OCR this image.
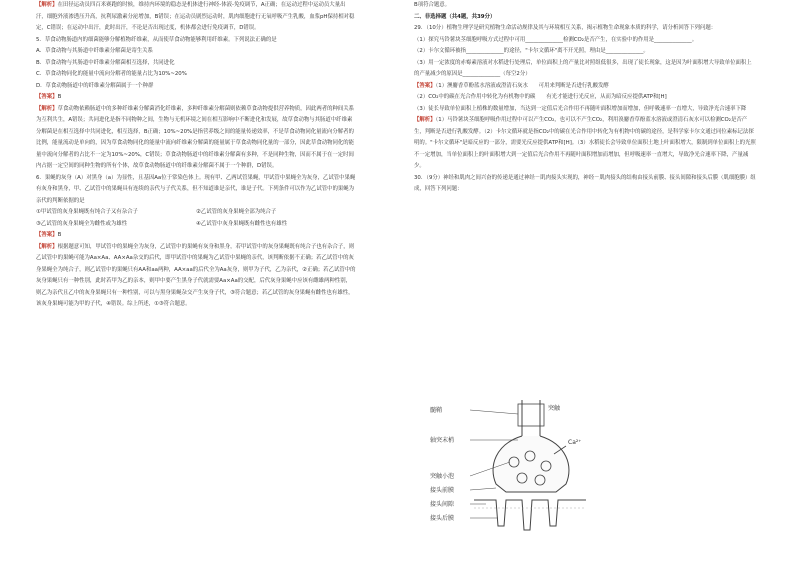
【解析】在田径运动员四百米赛跑的时候，维持内环境的稳态是机体进行神经-体液-免疫调节，A正确；在运动过程中运动员大量出汗，细胞外液渗透压升高，抗利尿激素分泌增加，B错误；在运动员剧烈运动时，肌肉细胞进行无氧呼吸产生乳酸，血浆pH保持相对稳定，C错误；在运动中出汗，此时出汗，不论是否出现过度，机体都会进行免疫调节，D错误。

5．草食动物肠道内的细菌能够分解植物纤维素，从而使草食动物能够利用纤维素。下列说法正确的是

A．草食动物与其肠道中纤维素分解菌是寄生关系

B．草食动物与其肠道中纤维素分解菌相互选择，共同进化

C．草食动物同化的能量中流向分解者的能量占比为10%~20%

D．草食动物肠道中的纤维素分解菌属于一个种群

【答案】B

【解析】草食动物依赖肠道中的多种纤维素分解菌消化纤维素，多种纤维素分解菌则依赖草食动物提供营养物质，因此两者的种间关系为互利共生，A错误；共同进化是指不同物种之间，生物与无机环境之间在相互影响中不断进化和发展，故草食动物与其肠道中纤维素分解菌是在相互选择中共同进化，相互选择，B正确；10%~20%是指营养级之间的能量传递效率，不是草食动物同化量流向分解者的比例，能量流动是单向的，因为草食动物同化的能量中流向纤维素分解菌的能量属于草食动物同化量的一部分，因此草食动物同化的能量中流向分解者的占比不一定为10%~20%，C错误；草食动物肠道中的纤维素分解菌有多种，不是同种生物，因而不属于在一定时间内占据一定空间的同种生物的所有个体，故草食动物肠道中的纤维素分解菌不属于一个种群，D错误。

6．果蝇的灰身（A）对黑身（a）为显性，且基因Aa位于常染色体上。现有甲、乙两试管果蝇，甲试管中果蝇全为灰身，乙试管中果蝇有灰身和黑身，甲、乙试管中的果蝇具有连续的亲代与子代关系，但不知道谁是亲代，谁是子代。下列条件可以作为乙试管中的果蝇为亲代的判断依据的是

①甲试管的灰身果蝇既有纯合子又有杂合子	②乙试管的灰身果蝇全部为纯合子
③乙试管的灰身果蝇全为雌性或为雄性	④乙试管中灰身果蝇既有雌性也有雄性

【答案】B

【解析】根据题意可知，甲试管中的果蝇全为灰身，乙试管中的果蝇有灰身和黑身，若甲试管中的灰身果蝇既有纯合子也有杂合子，则乙试管中的果蝇可能为Aa×Aa、AA×Aa杂交的后代，即甲试管中的果蝇为乙试管中果蝇的亲代，该判断依据不正确；若乙试管中的灰身果蝇全为纯合子，则乙试管中的果蝇只有AA和aa两种，AA×aa的后代全为Aa灰身，则甲为子代，乙为亲代，②正确；若乙试管中的灰身果蝇只有一种性别，此时若甲为乙的亲本，则甲中要产生黑身子代就需要Aa×Aa的交配，后代灰身果蝇中应该有雌雄两种性别，则乙为亲代且乙中的灰身果蝇只有一种性别，可以与黑身果蝇杂交产生灰身子代，③符合题意；若乙试管的灰身果蝇有雌性也有雄性，该灰身果蝇可能为甲的子代，④错误。综上所述，①③符合题意。

B项符合题意。

二、非选择题（共4题，共39分）

29．（10分）植物生理学是研究植物生命活动规律及其与环境相互关系，揭示植物生命现象本质的科学，请分析回答下列问题：

（1）探究马铃薯块茎细胞呼吸方式过程中可用______________检测CO₂是否产生，在实验中的作用是______________。

（2）卡尔文循环被指______________的途径，"卡尔文循环"离不开光照，理由是______________。

（3）用一定浓度的赤霉素溶液对水稻进行处理后，单位面积上的产量比对照组低很多，出现了徒长现象，这是因为叶面积增大导致单位面积上的产量减少的原因是______________（每空2分）

【答案】（1）澳麝香草酚蓝水溶液或澄清石灰水　　可用来判断是否进行乳酸发酵

（2）CO₂中的碳在光合作用中转化为有机物中的碳　　有光才能进行光反应，从而为暗反应提供ATP和[H]

（3）徒长导致单位面积上植株的数量增加，当达到一定值后光合作用不再随叶面积增加而增加，但呼吸速率一直增大，导致净光合速率下降

【解析】（1）马铃薯块茎细胞呼吸作用过程中可以产生CO₂，也可以不产生CO₂，利用溴麝香草酚蓝水溶液或澄清石灰水可以检测CO₂是否产生，判断是否进行乳酸发酵。（2）卡尔文循环就是指CO₂中的碳在光合作用中转化为有机物中的碳的途径，是科学家卡尔文通过同位素标记法探明的。"卡尔文循环"是暗反应的一部分，需要光反应提供ATP和[H]。（3）水稻徒长会导致单位面积土地上叶面积增大，限制到单位面积上的光照不一定增加，当单位面积上的叶面积增大到一定值后光合作用不再随叶面积增加而增加，但呼吸速率一直增大，导致净光合速率下降，产量减少。

30．（9分）神经和肌肉之间兴奋的传递是通过神经－肌肉接头实现的，神经－肌肉接头的结构由接头前膜、接头间隙和接头后膜（肌细胞膜）组成，回答下列问题：

髓鞘
轴突末梢
突触小泡
接头前膜
接头间隙
接头后膜
Ca²⁺
突触
